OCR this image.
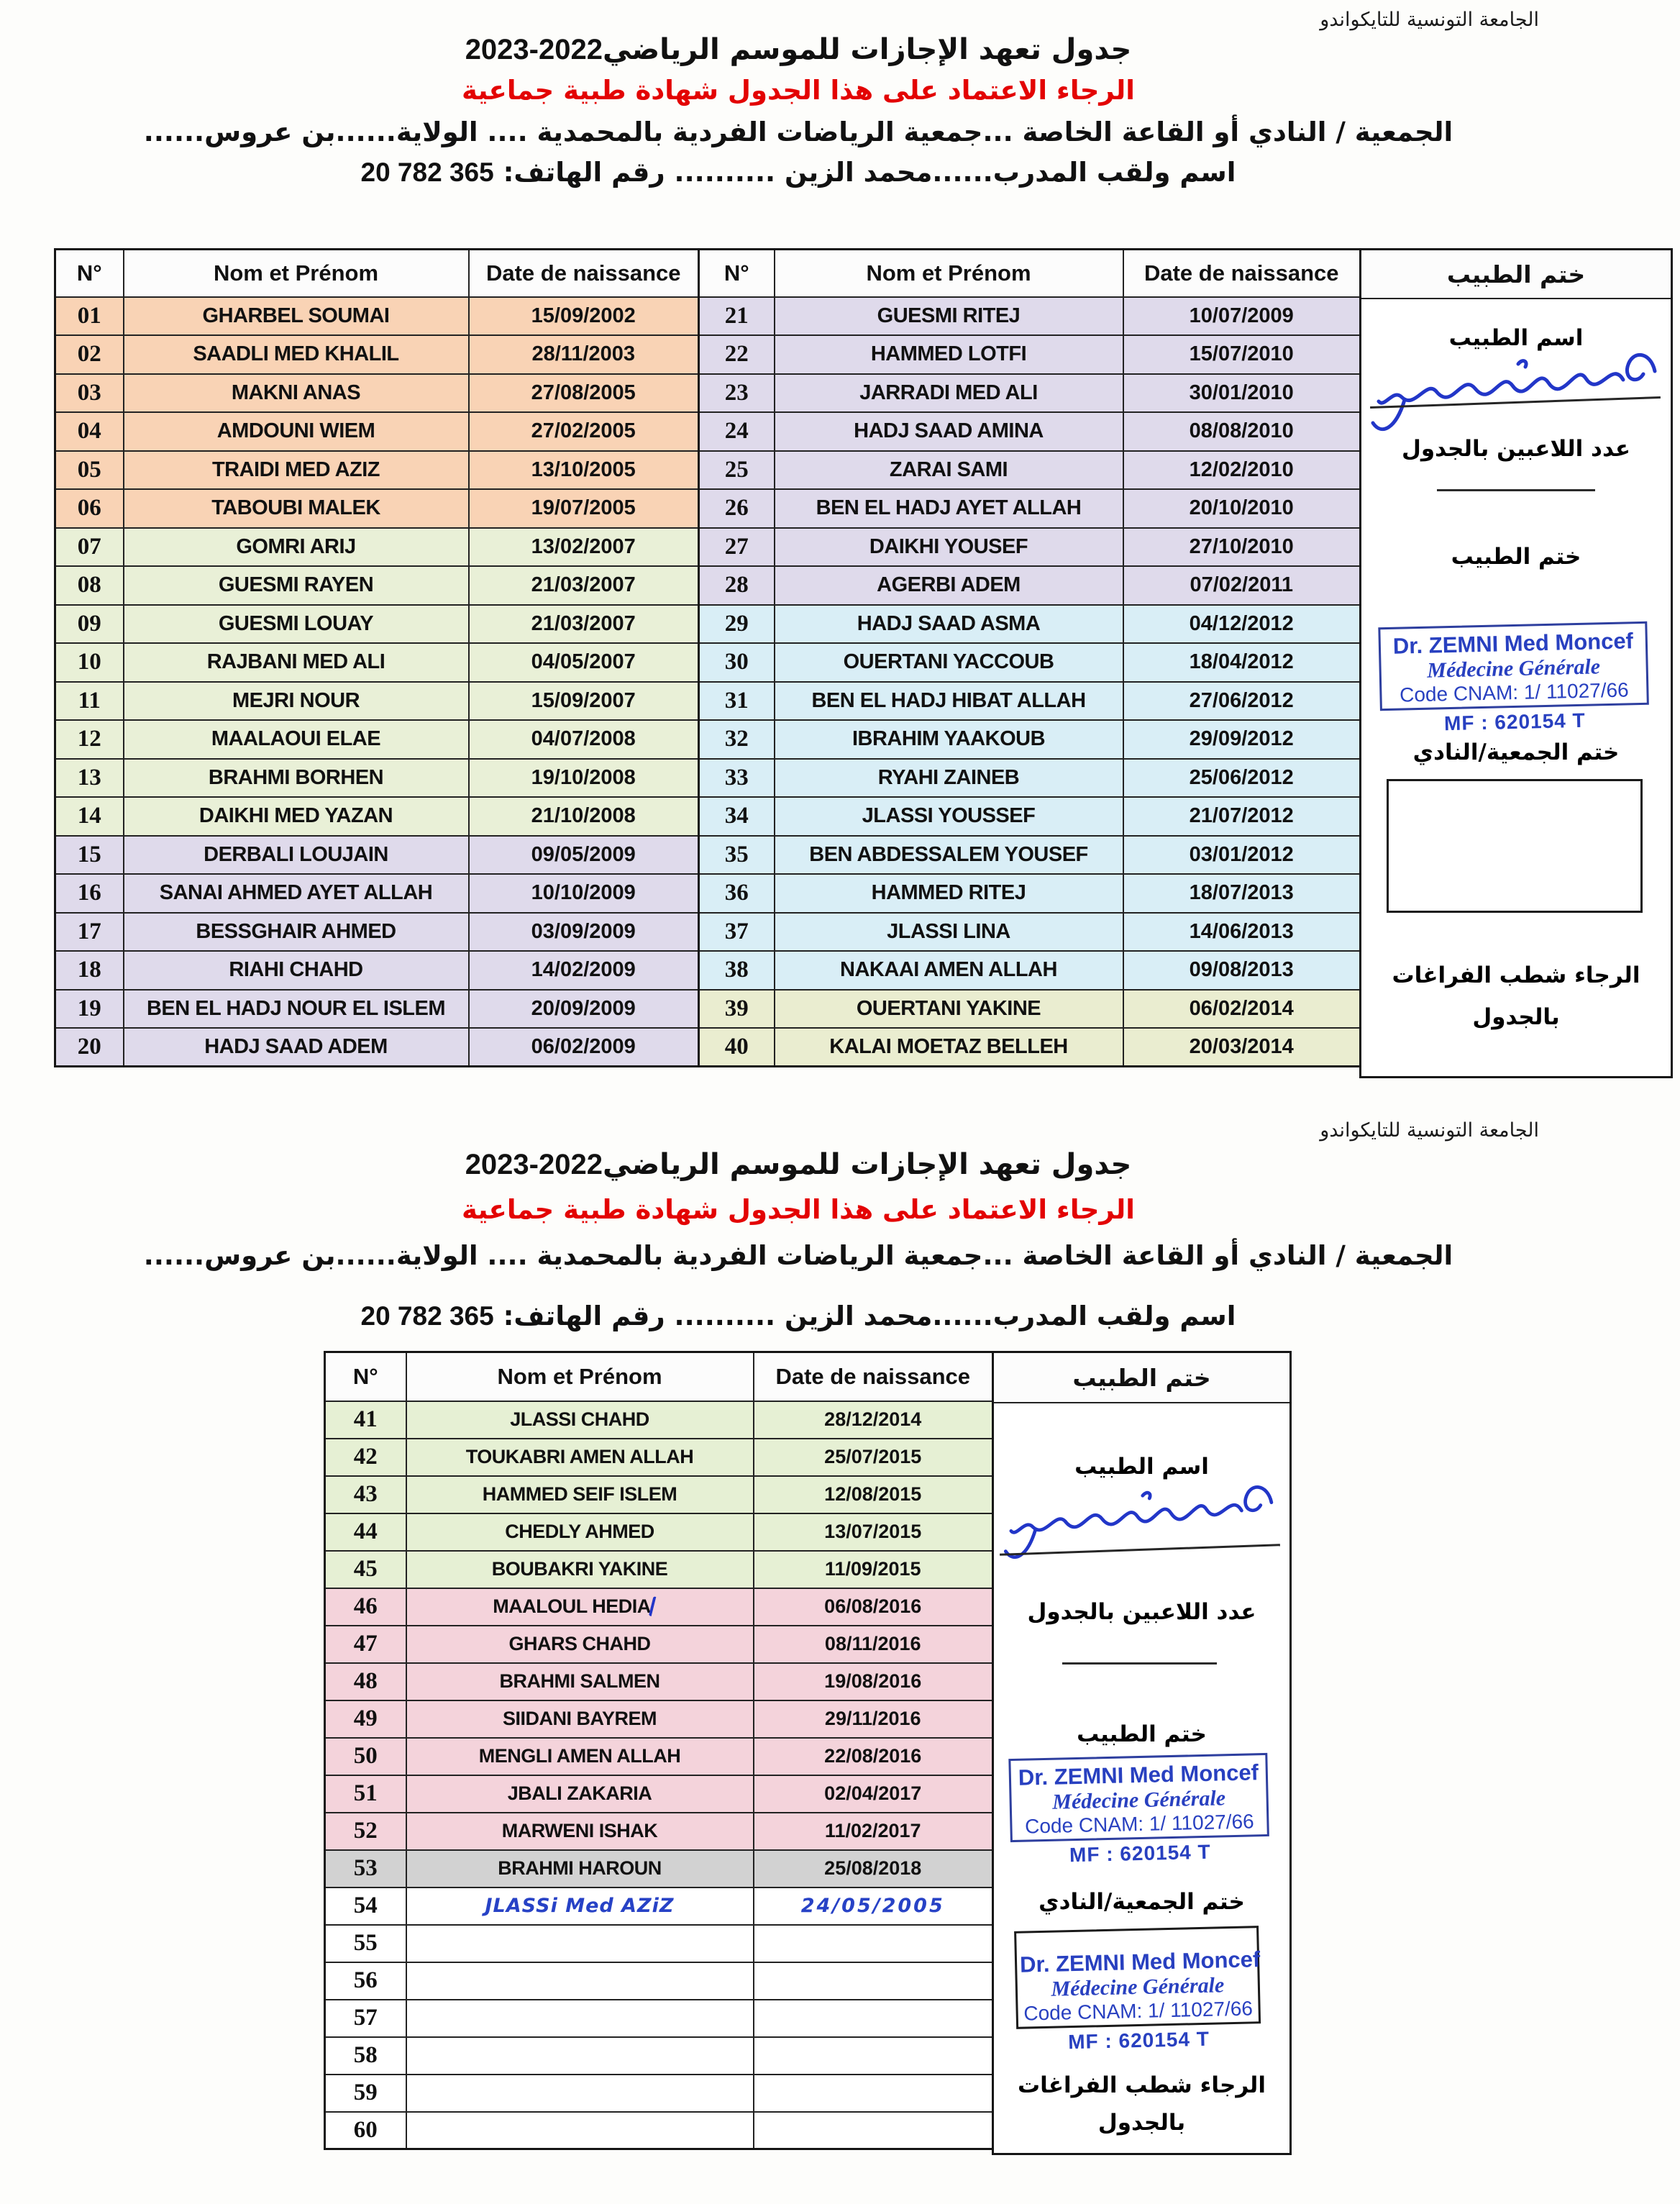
الجامعة التونسية للتايكواندو
جدول تعهد الإجازات للموسم الرياضي2023-2022
الرجاء الاعتماد على هذا الجدول شهادة طبية جماعية
الجمعية / النادي أو القاعة الخاصة ...جمعية الرياضات الفردية بالمحمدية .... الولاية......بن عروس......
اسم ولقب المدرب......محمد الزين .......... رقم الهاتف: 20 782 365
N°	Nom et Prénom	Date de naissance
01	GHARBEL SOUMAI	15/09/2002
02	SAADLI MED KHALIL	28/11/2003
03	MAKNI ANAS	27/08/2005
04	AMDOUNI WIEM	27/02/2005
05	TRAIDI MED AZIZ	13/10/2005
06	TABOUBI MALEK	19/07/2005
07	GOMRI ARIJ	13/02/2007
08	GUESMI RAYEN	21/03/2007
09	GUESMI LOUAY	21/03/2007
10	RAJBANI MED ALI	04/05/2007
11	MEJRI NOUR	15/09/2007
12	MAALAOUI ELAE	04/07/2008
13	BRAHMI BORHEN	19/10/2008
14	DAIKHI MED YAZAN	21/10/2008
15	DERBALI LOUJAIN	09/05/2009
16	SANAI AHMED AYET ALLAH	10/10/2009
17	BESSGHAIR AHMED	03/09/2009
18	RIAHI CHAHD	14/02/2009
19	BEN EL HADJ NOUR EL ISLEM	20/09/2009
20	HADJ SAAD ADEM	06/02/2009
N°	Nom et Prénom	Date de naissance
21	GUESMI RITEJ	10/07/2009
22	HAMMED LOTFI	15/07/2010
23	JARRADI MED ALI	30/01/2010
24	HADJ SAAD AMINA	08/08/2010
25	ZARAI SAMI	12/02/2010
26	BEN EL HADJ AYET ALLAH	20/10/2010
27	DAIKHI YOUSEF	27/10/2010
28	AGERBI ADEM	07/02/2011
29	HADJ SAAD ASMA	04/12/2012
30	OUERTANI YACCOUB	18/04/2012
31	BEN EL HADJ HIBAT ALLAH	27/06/2012
32	IBRAHIM YAAKOUB	29/09/2012
33	RYAHI ZAINEB	25/06/2012
34	JLASSI YOUSSEF	21/07/2012
35	BEN ABDESSALEM YOUSEF	03/01/2012
36	HAMMED RITEJ	18/07/2013
37	JLASSI LINA	14/06/2013
38	NAKAAI AMEN ALLAH	09/08/2013
39	OUERTANI YAKINE	06/02/2014
40	KALAI MOETAZ BELLEH	20/03/2014
ختم الطبيب
اسم الطبيب
عدد اللاعبين بالجدول
ختم الطبيب
Dr. ZEMNI Med Moncef
Médecine Générale
Code CNAM: 1/ 11027/66
MF : 620154 T
ختم الجمعية/النادي
الرجاء شطب الفراغات
بالجدول
الجامعة التونسية للتايكواندو
جدول تعهد الإجازات للموسم الرياضي2023-2022
الرجاء الاعتماد على هذا الجدول شهادة طبية جماعية
الجمعية / النادي أو القاعة الخاصة ...جمعية الرياضات الفردية بالمحمدية .... الولاية......بن عروس......
اسم ولقب المدرب......محمد الزين .......... رقم الهاتف: 20 782 365
N°	Nom et Prénom	Date de naissance
41	JLASSI CHAHD	28/12/2014
42	TOUKABRI AMEN ALLAH	25/07/2015
43	HAMMED SEIF ISLEM	12/08/2015
44	CHEDLY AHMED	13/07/2015
45	BOUBAKRI YAKINE	11/09/2015
46	MAALOUL HEDIA	06/08/2016
47	GHARS CHAHD	08/11/2016
48	BRAHMI SALMEN	19/08/2016
49	SIIDANI BAYREM	29/11/2016
50	MENGLI AMEN ALLAH	22/08/2016
51	JBALI ZAKARIA	02/04/2017
52	MARWENI ISHAK	11/02/2017
53	BRAHMI HAROUN	25/08/2018
54	JLASSi Med AZiZ	24/05/2005
55		
56		
57		
58		
59		
60		
ختم الطبيب
اسم الطبيب
عدد اللاعبين بالجدول
ختم الطبيب
Dr. ZEMNI Med Moncef
Médecine Générale
Code CNAM: 1/ 11027/66
MF : 620154 T
ختم الجمعية/النادي
Dr. ZEMNI Med Moncef
Médecine Générale
Code CNAM: 1/ 11027/66
MF : 620154 T
الرجاء شطب الفراغات
بالجدول
